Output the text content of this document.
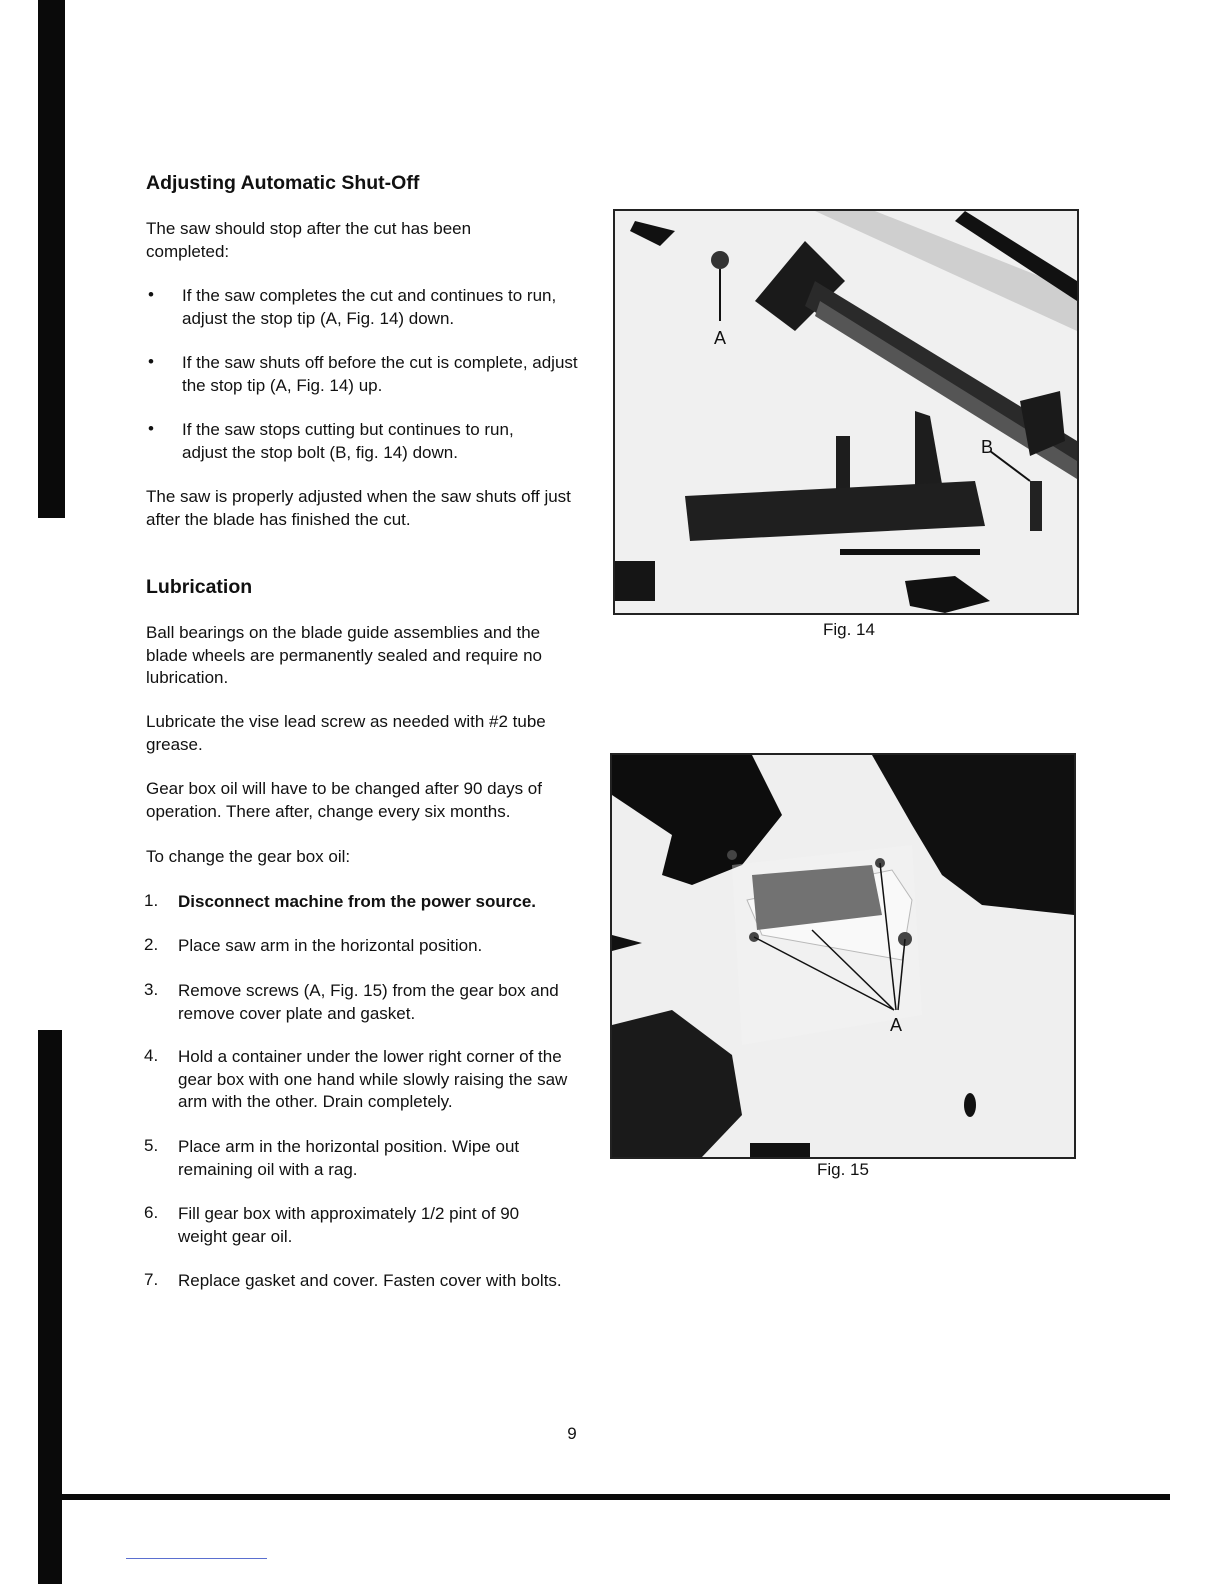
Adjusting Automatic Shut-Off
The saw should stop after the cut has been completed:
• If the saw completes the cut and continues to run, adjust the stop tip (A, Fig. 14) down.
• If the saw shuts off before the cut is complete, adjust the stop tip (A, Fig. 14) up.
• If the saw stops cutting but continues to run, adjust the stop bolt (B, fig. 14) down.
The saw is properly adjusted when the saw shuts off just after the blade has finished the cut.
Lubrication
Ball bearings on the blade guide assemblies and the blade wheels are permanently sealed and require no lubrication.
Lubricate the vise lead screw as needed with #2 tube grease.
Gear box oil will have to be changed after 90 days of operation. There after, change every six months.
To change the gear box oil:
1. Disconnect machine from the power source.
2. Place saw arm in the horizontal position.
3. Remove screws (A, Fig. 15) from the gear box and remove cover plate and gasket.
4. Hold a container under the lower right corner of the gear box with one hand while slowly raising the saw arm with the other. Drain completely.
5. Place arm in the horizontal position. Wipe out remaining oil with a rag.
6. Fill gear box with approximately 1/2 pint of 90 weight gear oil.
7. Replace gasket and cover. Fasten cover with bolts.
A
B
Fig. 14
A
Fig. 15
9
